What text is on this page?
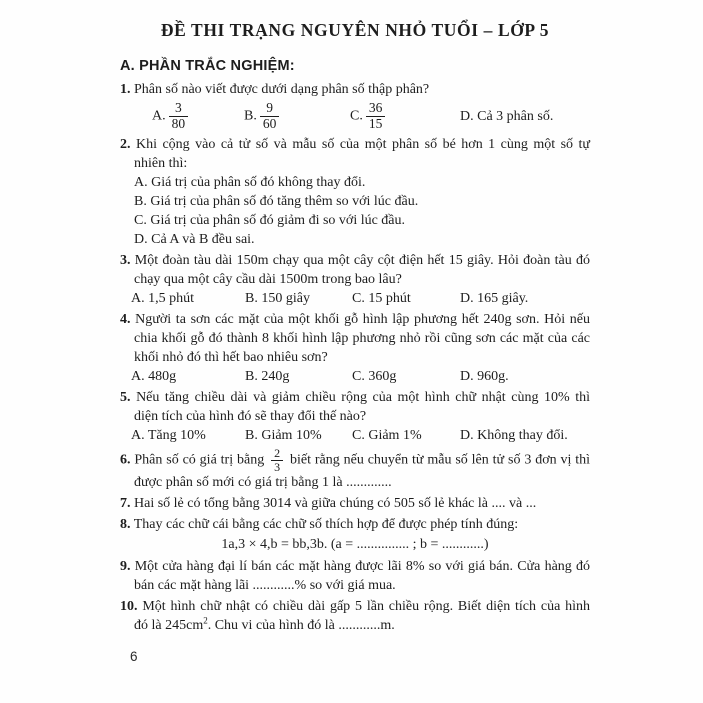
ĐỀ THI TRẠNG NGUYÊN NHỎ TUỔI – LỚP 5
A. PHẦN TRẮC NGHIỆM:
1. Phân số nào viết được dưới dạng phân số thập phân?
A. $\frac{3}{80}$	B. $\frac{9}{60}$	C. $\frac{36}{15}$	D. Cả 3 phân số.
2. Khi cộng vào cả tử số và mẫu số của một phân số bé hơn 1 cùng một số tự
nhiên thì:
A. Giá trị của phân số đó không thay đổi.
B. Giá trị của phân số đó tăng thêm so với lúc đầu.
C. Giá trị của phân số đó giảm đi so với lúc đầu.
D. Cả A và B đều sai.
3. Một đoàn tàu dài 150m chạy qua một cây cột điện hết 15 giây. Hỏi đoàn tàu đó
chạy qua một cây cầu dài 1500m trong bao lâu?
A. 1,5 phút	B. 150 giây	C. 15 phút	D. 165 giây.
4. Người ta sơn các mặt của một khối gỗ hình lập phương hết 240g sơn. Hỏi nếu
chia khối gỗ đó thành 8 khối hình lập phương nhỏ rồi cũng sơn các mặt của các
khối nhỏ đó thì hết bao nhiêu sơn?
A. 480g	B. 240g	C. 360g	D. 960g.
5. Nếu tăng chiều dài và giảm chiều rộng của một hình chữ nhật cùng 10% thì
diện tích của hình đó sẽ thay đổi thế nào?
A. Tăng 10%	B. Giảm 10%	C. Giảm 1%	D. Không thay đổi.
6. Phân số có giá trị bằng $\frac{2}{3}$ biết rằng nếu chuyển từ mẫu số lên tử số 3 đơn vị thì
được phân số mới có giá trị bằng 1 là .............
7. Hai số lẻ có tổng bằng 3014 và giữa chúng có 505 số lẻ khác là .... và ...
8. Thay các chữ cái bằng các chữ số thích hợp để được phép tính đúng:
1a,3 × 4,b = bb,3b. (a = ............... ; b = ............)
9. Một cửa hàng đại lí bán các mặt hàng được lãi 8% so với giá bán. Cửa hàng đó
bán các mặt hàng lãi ............% so với giá mua.
10. Một hình chữ nhật có chiều dài gấp 5 lần chiều rộng. Biết diện tích của hình
đó là $245cm^2$. Chu vi của hình đó là ............m.
6
